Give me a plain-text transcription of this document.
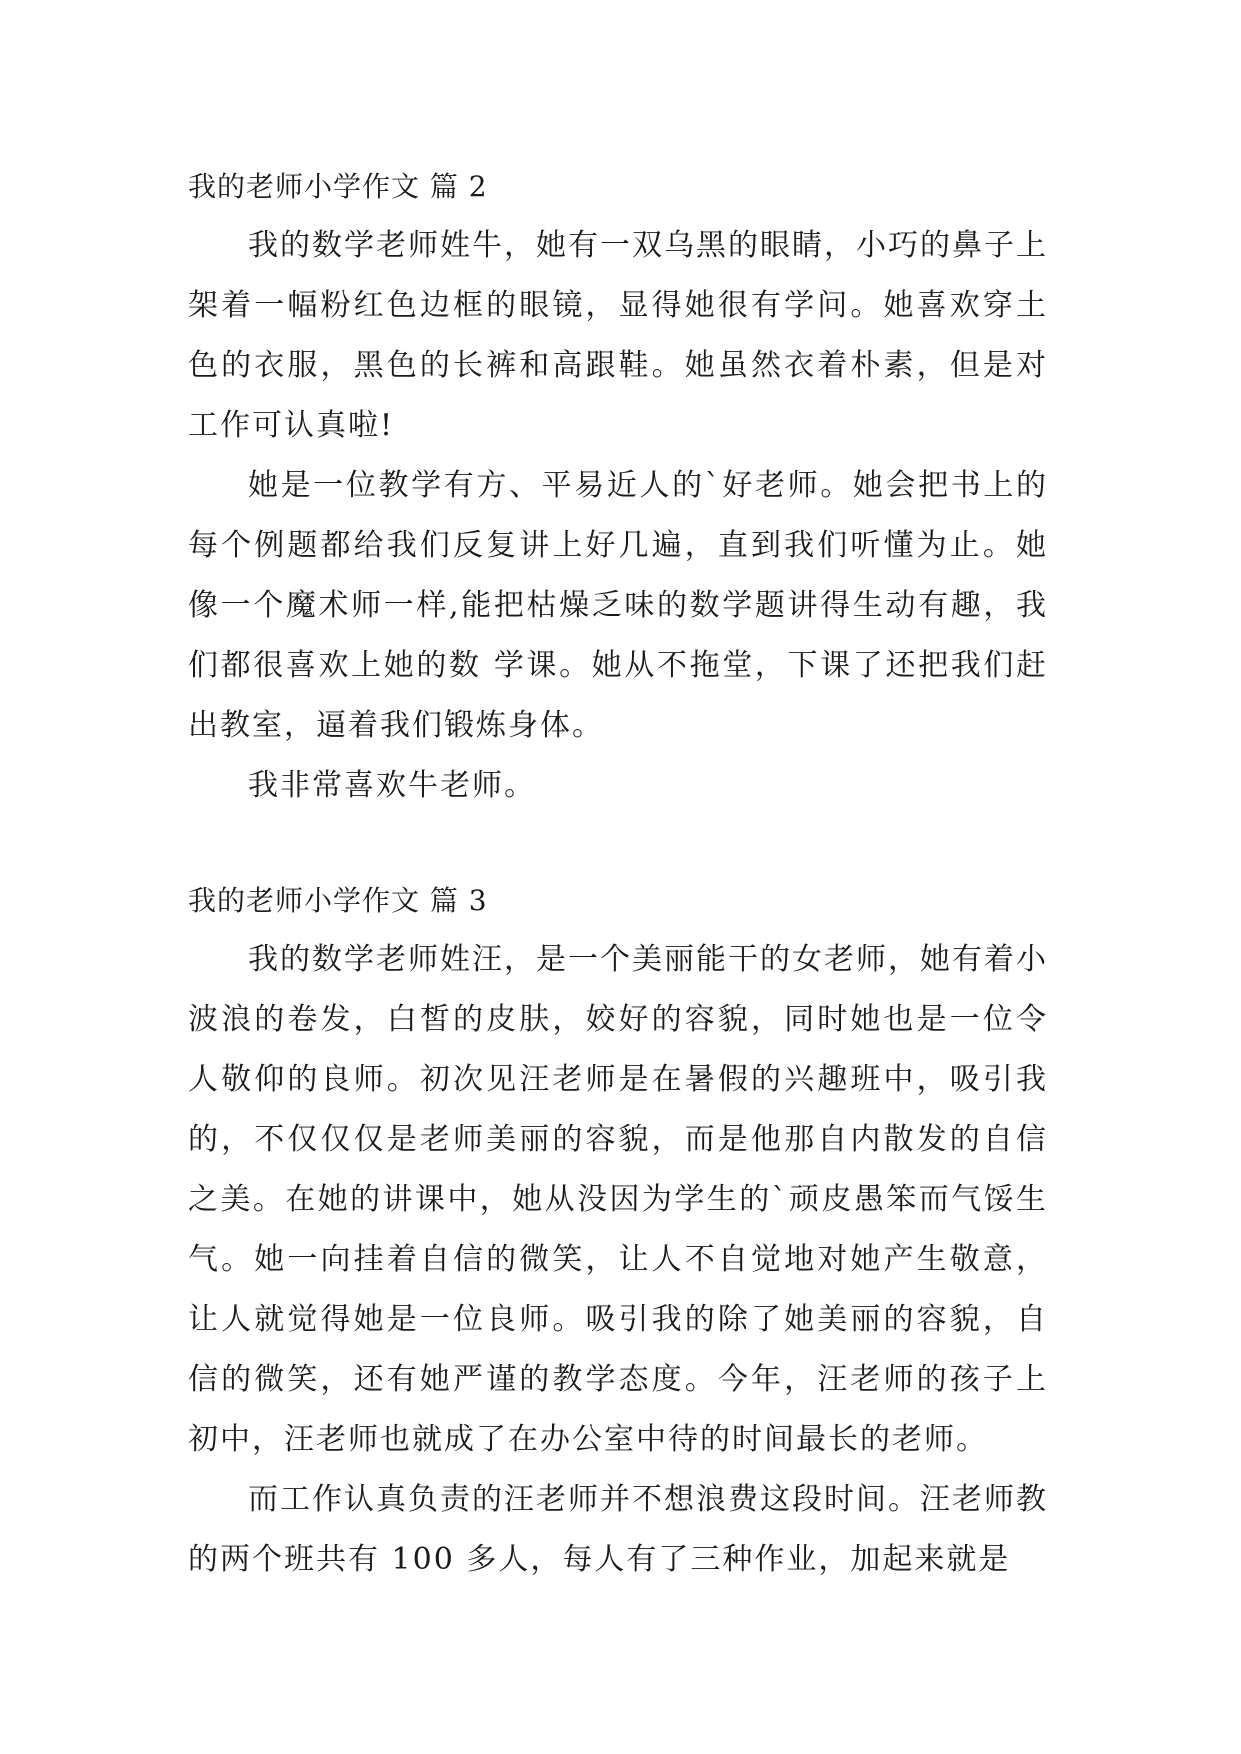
我的老师小学作文 篇 2

我的数学老师姓牛，她有一双乌黑的眼睛，小巧的鼻子上架着一幅粉红色边框的眼镜，显得她很有学问。她喜欢穿土色的衣服，黑色的长裤和高跟鞋。她虽然衣着朴素，但是对工作可认真啦!

她是一位教学有方、平易近人的`好老师。她会把书上的每个例题都给我们反复讲上好几遍，直到我们听懂为止。她像一个魔术师一样,能把枯燥乏味的数学题讲得生动有趣，我们都很喜欢上她的数 学课。她从不拖堂，下课了还把我们赶出教室，逼着我们锻炼身体。

我非常喜欢牛老师。

我的老师小学作文 篇 3

我的数学老师姓汪，是一个美丽能干的女老师，她有着小波浪的卷发，白皙的皮肤，姣好的容貌，同时她也是一位令人敬仰的良师。初次见汪老师是在暑假的兴趣班中，吸引我的，不仅仅仅是老师美丽的容貌，而是他那自内散发的自信之美。在她的讲课中，她从没因为学生的`顽皮愚笨而气馁生气。她一向挂着自信的微笑，让人不自觉地对她产生敬意，让人就觉得她是一位良师。吸引我的除了她美丽的容貌，自信的微笑，还有她严谨的教学态度。今年，汪老师的孩子上初中，汪老师也就成了在办公室中待的时间最长的老师。

而工作认真负责的汪老师并不想浪费这段时间。汪老师教的两个班共有 100 多人，每人有了三种作业，加起来就是
